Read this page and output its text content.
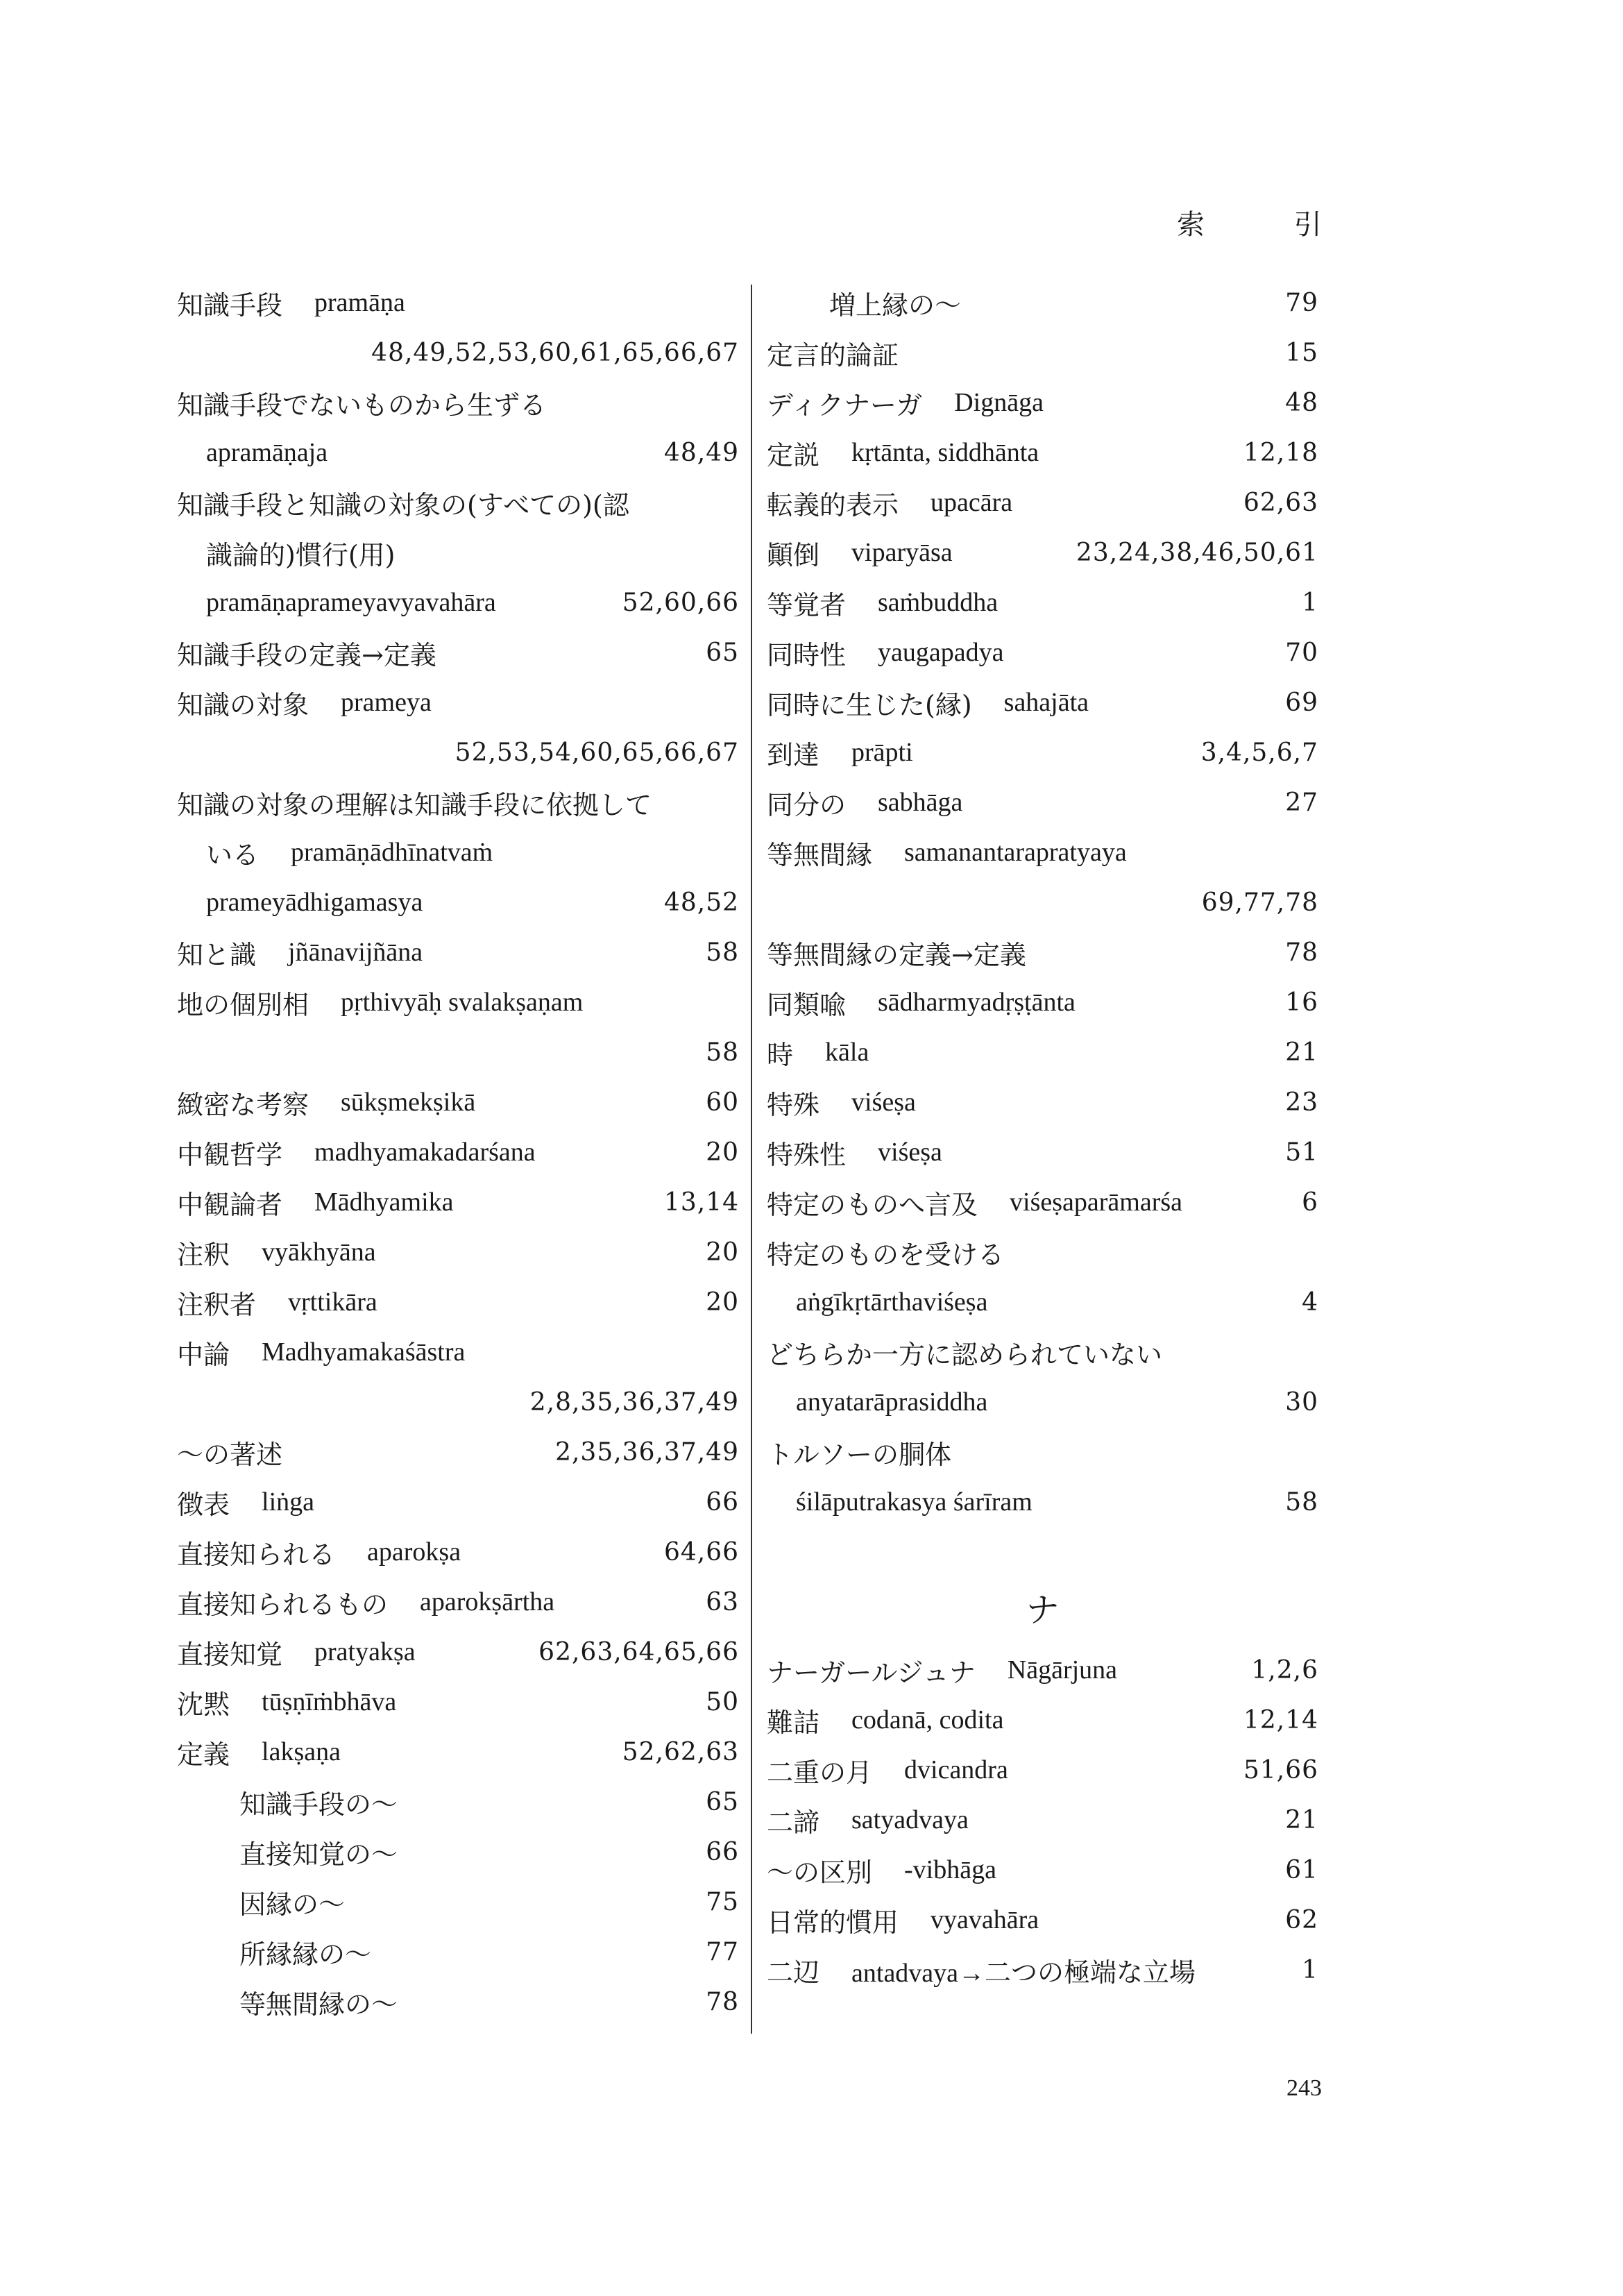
索 引
知識手段 pramāṇa
48,49,52,53,60,61,65,66,67
知識手段でないものから生ずる
apramāṇaja	48,49
知識手段と知識の対象の(すべての)(認
識論的)慣行(用)
pramāṇaprameyavyavahāra	52,60,66
知識手段の定義→定義	65
知識の対象 prameya
52,53,54,60,65,66,67
知識の対象の理解は知識手段に依拠して
いる pramāṇādhīnatvaṁ
prameyādhigamasya	48,52
知と識 jñānavijñāna	58
地の個別相 pṛthivyāḥ svalakṣaṇam
58
緻密な考察 sūkṣmekṣikā	60
中観哲学 madhyamakadarśana	20
中観論者 Mādhyamika	13,14
注釈 vyākhyāna	20
注釈者 vṛttikāra	20
中論 Madhyamakaśāstra
2,8,35,36,37,49
〜の著述	2,35,36,37,49
徴表 liṅga	66
直接知られる aparokṣa	64,66
直接知られるもの aparokṣārtha	63
直接知覚 pratyakṣa	62,63,64,65,66
沈黙 tūṣṇīṁbhāva	50
定義 lakṣaṇa	52,62,63
知識手段の〜	65
直接知覚の〜	66
因縁の〜	75
所縁縁の〜	77
等無間縁の〜	78
増上縁の〜	79
定言的論証	15
ディクナーガ Dignāga	48
定説 kṛtānta, siddhānta	12,18
転義的表示 upacāra	62,63
顚倒 viparyāsa	23,24,38,46,50,61
等覚者 saṁbuddha	1
同時性 yaugapadya	70
同時に生じた(縁) sahajāta	69
到達 prāpti	3,4,5,6,7
同分の sabhāga	27
等無間縁 samanantarapratyaya
69,77,78
等無間縁の定義→定義	78
同類喩 sādharmyadṛṣṭānta	16
時 kāla	21
特殊 viśeṣa	23
特殊性 viśeṣa	51
特定のものへ言及 viśeṣaparāmarśa	6
特定のものを受ける
aṅgīkṛtārthaviśeṣa	4
どちらか一方に認められていない
anyatarāprasiddha	30
トルソーの胴体
śilāputrakasya śarīram	58
ナ
ナーガールジュナ Nāgārjuna	1,2,6
難詰 codanā, codita	12,14
二重の月 dvicandra	51,66
二諦 satyadvaya	21
〜の区別 -vibhāga	61
日常的慣用 vyavahāra	62
二辺 antadvaya→二つの極端な立場	1
243
